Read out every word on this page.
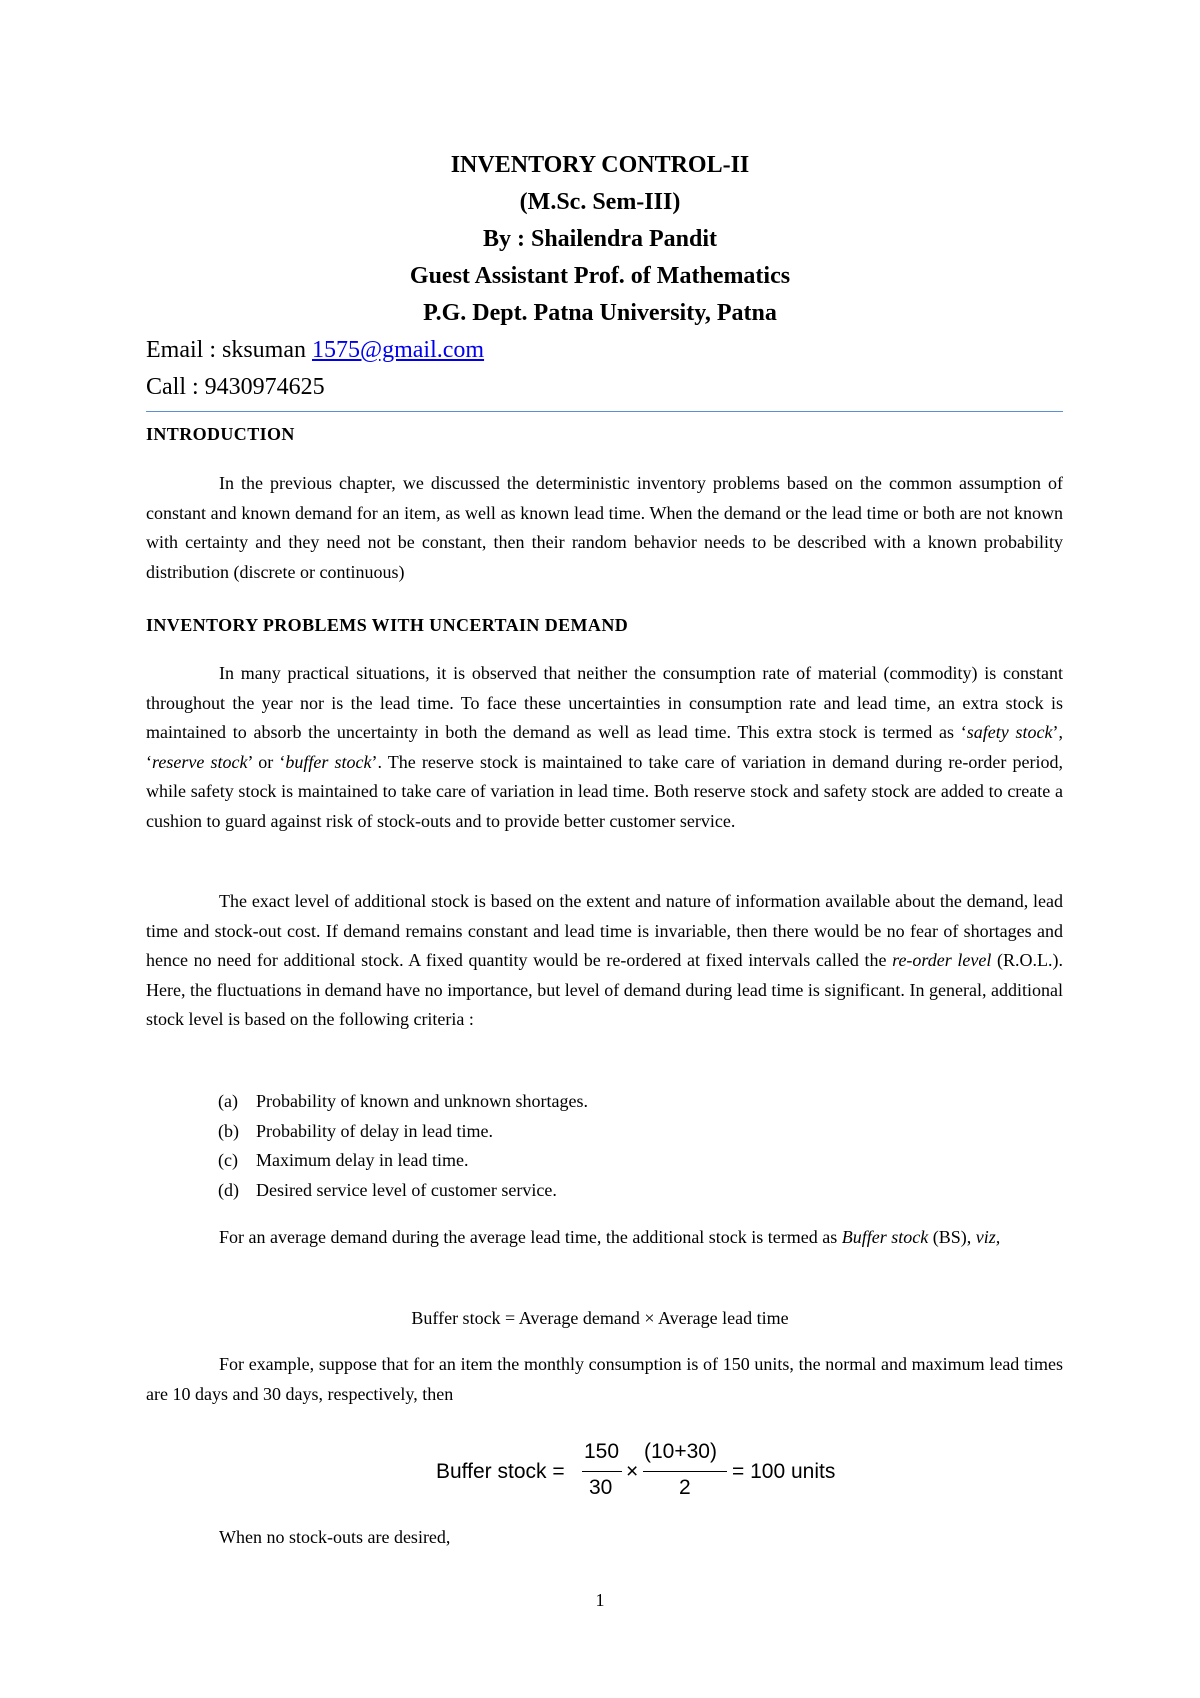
INVENTORY CONTROL-II
(M.Sc. Sem-III)
By : Shailendra Pandit
Guest Assistant Prof. of Mathematics
P.G. Dept. Patna University, Patna
Email : sksuman 1575@gmail.com
Call : 9430974625
INTRODUCTION
In the previous chapter, we discussed the deterministic inventory problems based on the common assumption of constant and known demand for an item, as well as known lead time. When the demand or the lead time or both are not known with certainty and they need not be constant, then their random behavior needs to be described with a known probability distribution (discrete or continuous)
INVENTORY PROBLEMS WITH UNCERTAIN DEMAND
In many practical situations, it is observed that neither the consumption rate of material (commodity) is constant throughout the year nor is the lead time. To face these uncertainties in consumption rate and lead time, an extra stock is maintained to absorb the uncertainty in both the demand as well as lead time. This extra stock is termed as ‘safety stock’, ‘reserve stock’ or ‘buffer stock’. The reserve stock is maintained to take care of variation in demand during re-order period, while safety stock is maintained to take care of variation in lead time. Both reserve stock and safety stock are added to create a cushion to guard against risk of stock-outs and to provide better customer service.
The exact level of additional stock is based on the extent and nature of information available about the demand, lead time and stock-out cost. If demand remains constant and lead time is invariable, then there would be no fear of shortages and hence no need for additional stock. A fixed quantity would be re-ordered at fixed intervals called the re-order level (R.O.L.). Here, the fluctuations in demand have no importance, but level of demand during lead time is significant. In general, additional stock level is based on the following criteria :
(a) Probability of known and unknown shortages.
(b) Probability of delay in lead time.
(c) Maximum delay in lead time.
(d) Desired service level of customer service.
For an average demand during the average lead time, the additional stock is termed as Buffer stock (BS), viz,
Buffer stock = Average demand × Average lead time
For example, suppose that for an item the monthly consumption is of 150 units, the normal and maximum lead times are 10 days and 30 days, respectively, then
Buffer stock =
150
30
×
(10+30)
2
= 100 units
When no stock-outs are desired,
1
